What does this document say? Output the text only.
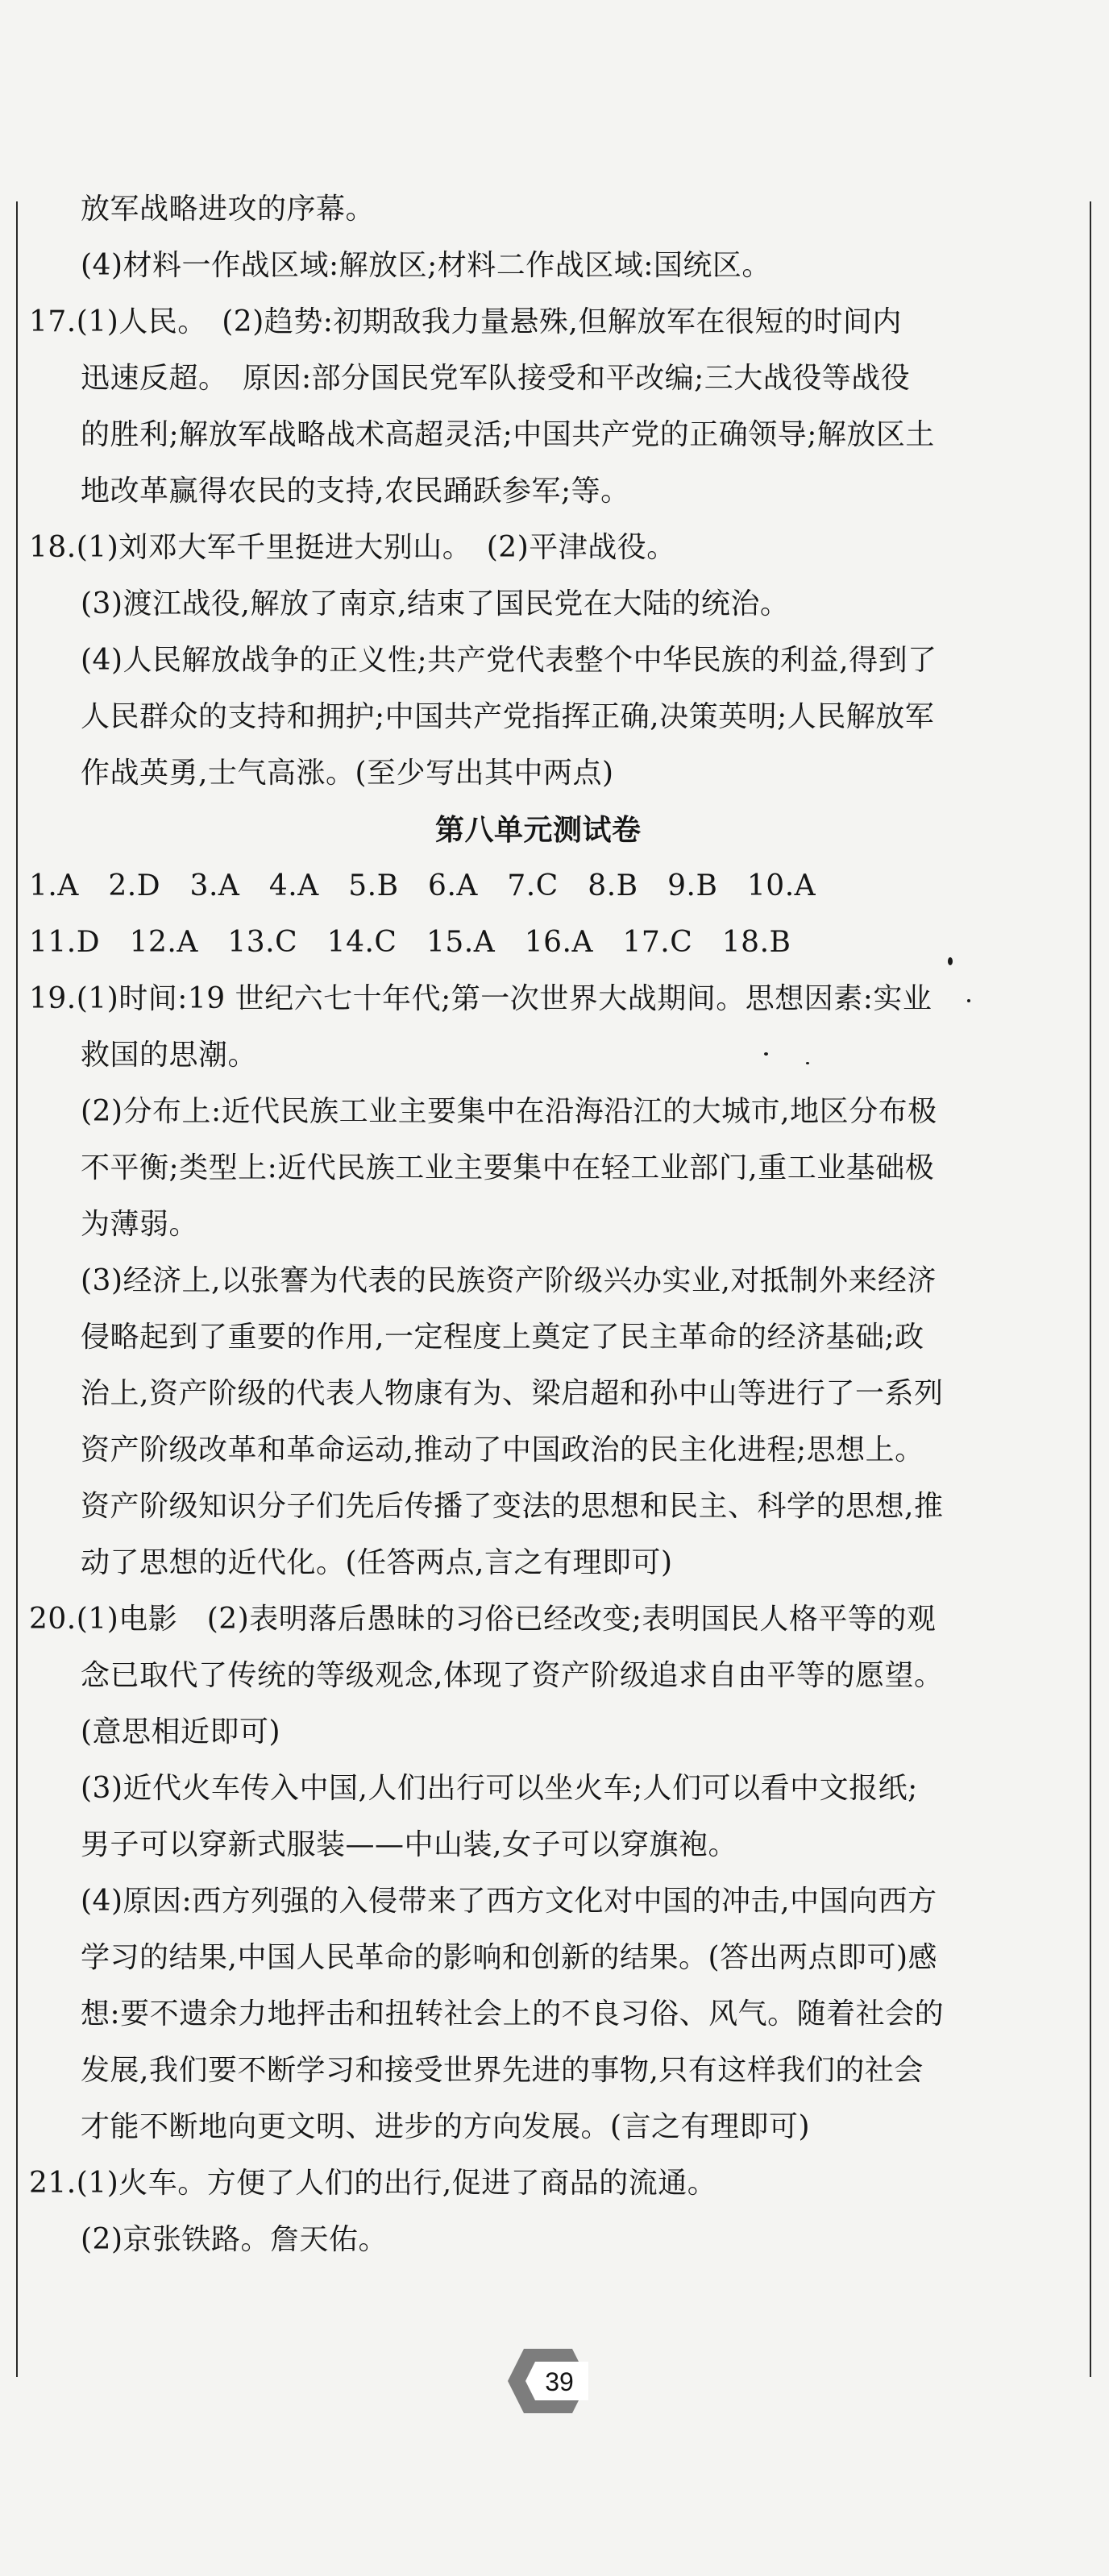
放军战略进攻的序幕。
(4)材料一作战区域:解放区;材料二作战区域:国统区。
17.(1)人民。　(2)趋势:初期敌我力量悬殊,但解放军在很短的时间内
迅速反超。　原因:部分国民党军队接受和平改编;三大战役等战役
的胜利;解放军战略战术高超灵活;中国共产党的正确领导;解放区土
地改革赢得农民的支持,农民踊跃参军;等。
18.(1)刘邓大军千里挺进大别山。　(2)平津战役。
(3)渡江战役,解放了南京,结束了国民党在大陆的统治。
(4)人民解放战争的正义性;共产党代表整个中华民族的利益,得到了
人民群众的支持和拥护;中国共产党指挥正确,决策英明;人民解放军
作战英勇,士气高涨。(至少写出其中两点)
第八单元测试卷
1.A　2.D　3.A　4.A　5.B　6.A　7.C　8.B　9.B　10.A
11.D　12.A　13.C　14.C　15.A　16.A　17.C　18.B
19.(1)时间:19 世纪六七十年代;第一次世界大战期间。思想因素:实业
救国的思潮。
(2)分布上:近代民族工业主要集中在沿海沿江的大城市,地区分布极
不平衡;类型上:近代民族工业主要集中在轻工业部门,重工业基础极
为薄弱。
(3)经济上,以张謇为代表的民族资产阶级兴办实业,对抵制外来经济
侵略起到了重要的作用,一定程度上奠定了民主革命的经济基础;政
治上,资产阶级的代表人物康有为、梁启超和孙中山等进行了一系列
资产阶级改革和革命运动,推动了中国政治的民主化进程;思想上。
资产阶级知识分子们先后传播了变法的思想和民主、科学的思想,推
动了思想的近代化。(任答两点,言之有理即可)
20.(1)电影　(2)表明落后愚昧的习俗已经改变;表明国民人格平等的观
念已取代了传统的等级观念,体现了资产阶级追求自由平等的愿望。
(意思相近即可)
(3)近代火车传入中国,人们出行可以坐火车;人们可以看中文报纸;
男子可以穿新式服装——中山装,女子可以穿旗袍。
(4)原因:西方列强的入侵带来了西方文化对中国的冲击,中国向西方
学习的结果,中国人民革命的影响和创新的结果。(答出两点即可)感
想:要不遗余力地抨击和扭转社会上的不良习俗、风气。随着社会的
发展,我们要不断学习和接受世界先进的事物,只有这样我们的社会
才能不断地向更文明、进步的方向发展。(言之有理即可)
21.(1)火车。方便了人们的出行,促进了商品的流通。
(2)京张铁路。詹天佑。
39
